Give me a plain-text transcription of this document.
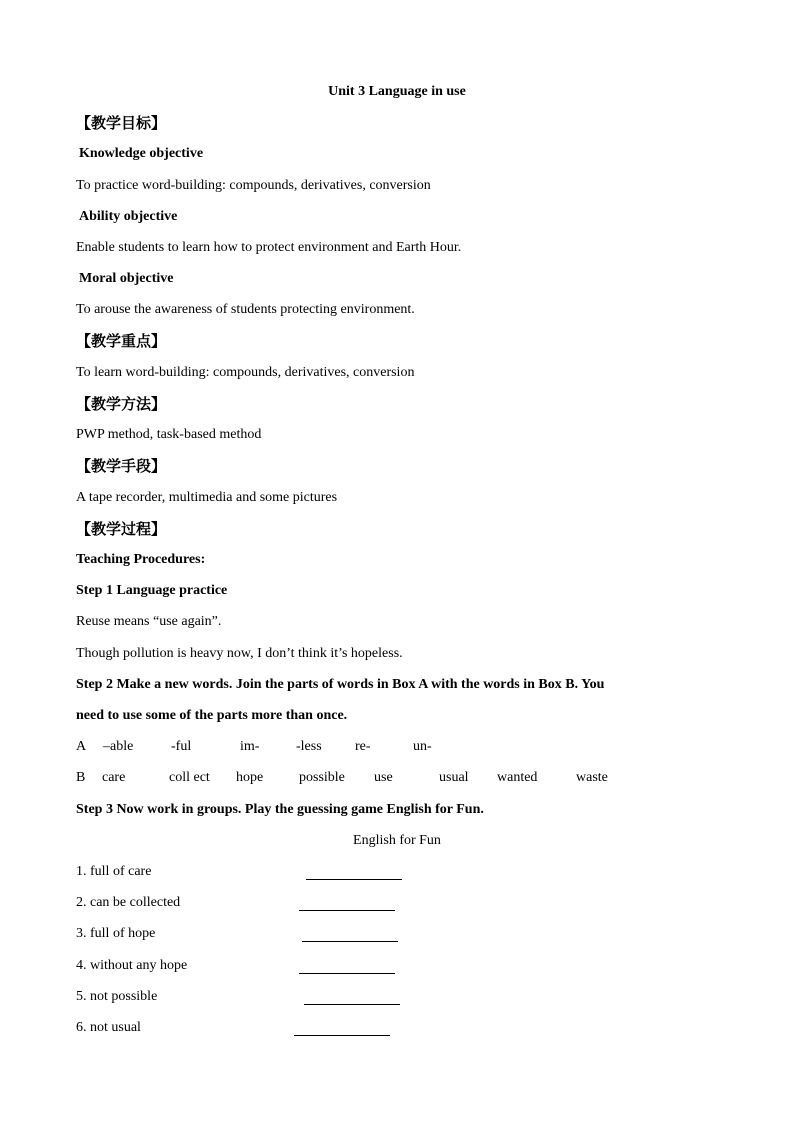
Unit 3 Language in use
【教学目标】
Knowledge objective
To practice word-building: compounds, derivatives, conversion
Ability objective
Enable students to learn how to protect environment and Earth Hour.
Moral objective
To arouse the awareness of students protecting environment.
【教学重点】
To learn word-building: compounds, derivatives, conversion
【教学方法】
PWP method, task-based method
【教学手段】
A tape recorder, multimedia and some pictures
【教学过程】
Teaching Procedures:
Step 1 Language practice
Reuse means “use again”.
Though pollution is heavy now, I don’t think it’s hopeless.
Step 2 Make a new words. Join the parts of words in Box A with the words in Box B. You
need to use some of the parts more than once.
A –able	-ful	im-	-less re-	un-
B care	coll ect hope	possible use	usual wanted	waste
Step 3 Now work in groups. Play the guessing game English for Fun.
English for Fun
1. full of care
2. can be collected
3. full of hope
4. without any hope
5. not possible
6. not usual
